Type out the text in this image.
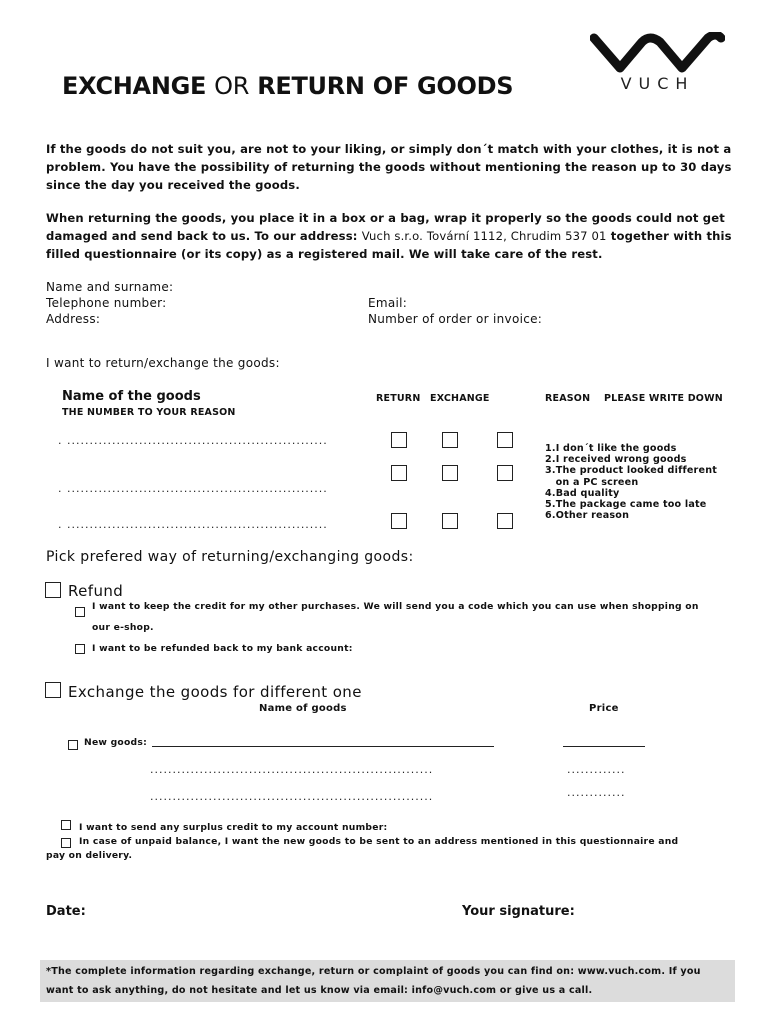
VUCH
EXCHANGE OR RETURN OF GOODS
If the goods do not suit you, are not to your liking, or simply don´t match with your clothes, it is not a problem. You have the possibility of returning the goods without mentioning the reason up to 30 days since the day you received the goods.
When returning the goods, you place it in a box or a bag, wrap it properly so the goods could not get damaged and send back to us. To our address: Vuch s.r.o. Tovární 1112, Chrudim 537 01 together with this filled questionnaire (or its copy) as a registered mail. We will take care of the rest.
Name and surname:
Telephone number:
Address:
Email:
Number of order or invoice:
I want to return/exchange the goods:
Name of the goods
THE NUMBER TO YOUR REASON
RETURN EXCHANGE	REASON PLEASE WRITE DOWN
. ..........................................................
. ..........................................................
. ..........................................................
1.I don´t like the goods
2.I received wrong goods
3.The product looked different
on a PC screen
4.Bad quality
5.The package came too late
6.Other reason
Pick prefered way of returning/exchanging goods:
Refund
I want to keep the credit for my other purchases. We will send you a code which you can use when shopping on
our e-shop.
I want to be refunded back to my bank account:
Exchange the goods for different one
Name of goods	Price
New goods:
...............................................................	.............
...............................................................	.............
I want to send any surplus credit to my account number:
In case of unpaid balance, I want the new goods to be sent to an address mentioned in this questionnaire and
pay on delivery.
Date:	Your signature:
*The complete information regarding exchange, return or complaint of goods you can find on: www.vuch.com. If you
want to ask anything, do not hesitate and let us know via email: info@vuch.com or give us a call.
